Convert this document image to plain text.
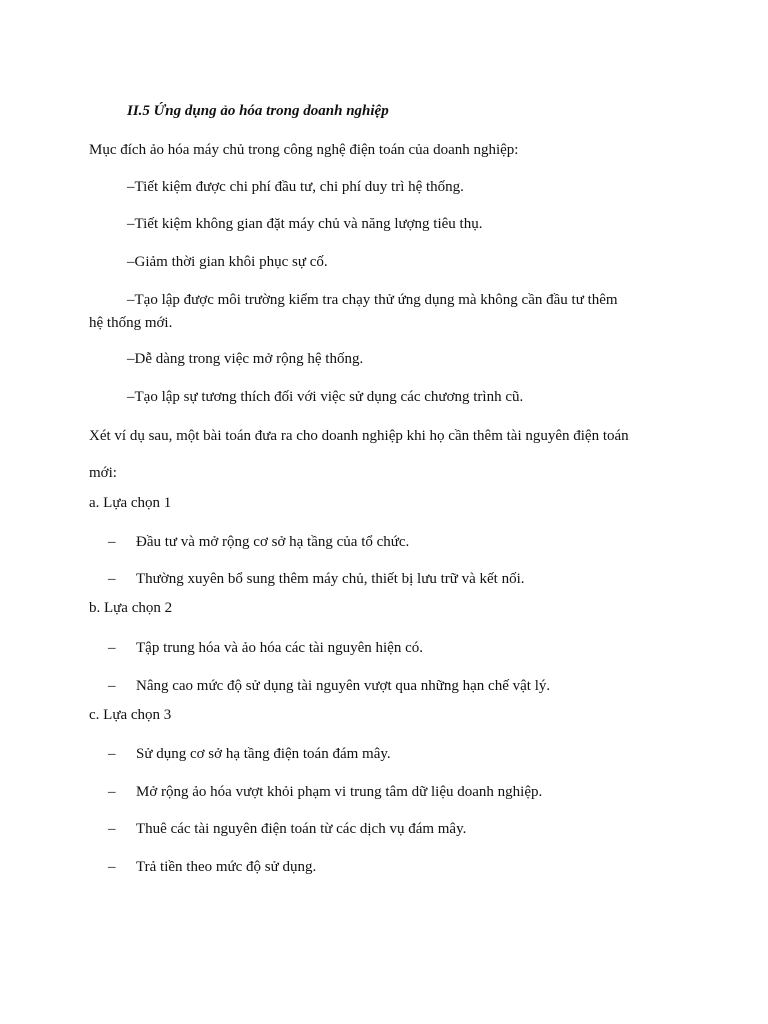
II.5 Ứng dụng ảo hóa trong doanh nghiệp

Mục đích ảo hóa máy chủ trong công nghệ điện toán của doanh nghiệp:

–Tiết kiệm được chi phí đầu tư, chi phí duy trì hệ thống.

–Tiết kiệm không gian đặt máy chủ và năng lượng tiêu thụ.

–Giảm thời gian khôi phục sự cố.

–Tạo lập được môi trường kiểm tra chạy thử ứng dụng mà không cần đầu tư thêm

hệ thống mới.

–Dễ dàng trong việc mở rộng hệ thống.

–Tạo lập sự tương thích đối với việc sử dụng các chương trình cũ.

Xét ví dụ sau, một bài toán đưa ra cho doanh nghiệp khi họ cần thêm tài nguyên điện toán

mới:

a. Lựa chọn 1

– Đầu tư và mở rộng cơ sở hạ tầng của tổ chức.

– Thường xuyên bổ sung thêm máy chủ, thiết bị lưu trữ và kết nối.

b. Lựa chọn 2

– Tập trung hóa và ảo hóa các tài nguyên hiện có.

– Nâng cao mức độ sử dụng tài nguyên vượt qua những hạn chế vật lý.

c. Lựa chọn 3

– Sử dụng cơ sở hạ tầng điện toán đám mây.

– Mở rộng ảo hóa vượt khỏi phạm vi trung tâm dữ liệu doanh nghiệp.

– Thuê các tài nguyên điện toán từ các dịch vụ đám mây.

– Trả tiền theo mức độ sử dụng.
